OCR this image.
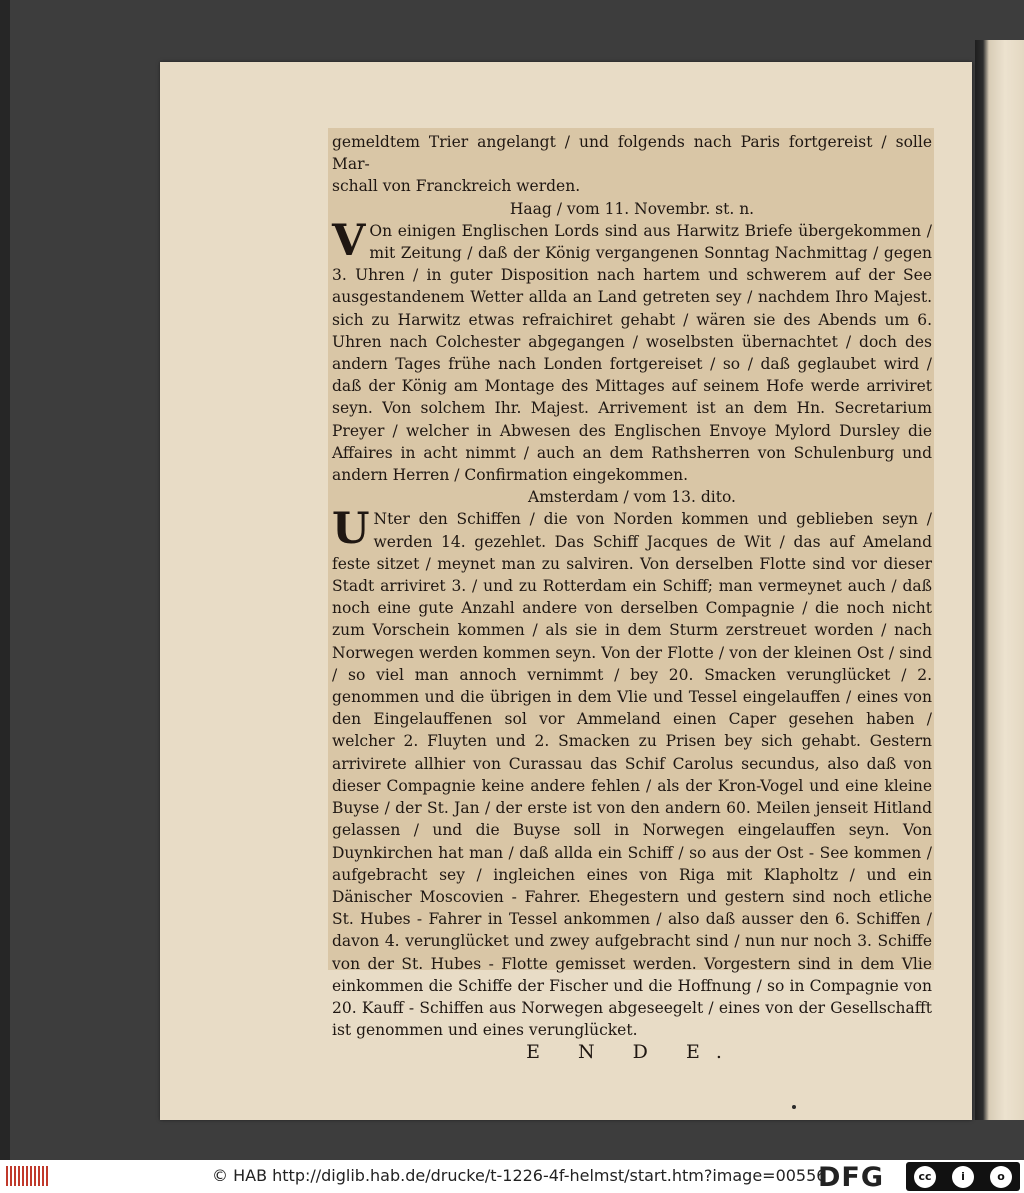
gemeldtem Trier angelangt / und folgends nach Paris fortgereist / solle Mar-

schall von Franckreich werden.

Haag / vom 11. Novembr. st. n.

V On einigen Englischen Lords sind aus Harwitz Briefe übergekommen / mit Zeitung / daß der König vergangenen Sonntag Nachmittag / gegen 3. Uhren / in guter Disposition nach hartem und schwerem auf der See ausgestandenem Wetter allda an Land getreten sey / nachdem Ihro Majest. sich zu Harwitz etwas refraichiret gehabt / wären sie des Abends um 6. Uhren nach Colchester abgegangen / woselbsten übernachtet / doch des andern Tages frühe nach Londen fortgereiset / so / daß geglaubet wird / daß der König am Montage des Mittages auf seinem Hofe werde arriviret seyn. Von solchem Ihr. Majest. Arrivement ist an dem Hn. Secretarium Preyer / welcher in Abwesen des Englischen Envoye Mylord Dursley die Affaires in acht nimmt / auch an dem Rathsherren von Schulenburg und andern Herren / Confirmation eingekommen.

Amsterdam / vom 13. dito.

U Nter den Schiffen / die von Norden kommen und geblieben seyn / werden 14. gezehlet. Das Schiff Jacques de Wit / das auf Ameland feste sitzet / meynet man zu salviren. Von derselben Flotte sind vor dieser Stadt arriviret 3. / und zu Rotterdam ein Schiff; man vermeynet auch / daß noch eine gute Anzahl andere von derselben Compagnie / die noch nicht zum Vorschein kommen / als sie in dem Sturm zerstreuet worden / nach Norwegen werden kommen seyn. Von der Flotte / von der kleinen Ost / sind / so viel man annoch vernimmt / bey 20. Smacken verunglücket / 2. genommen und die übrigen in dem Vlie und Tessel eingelauffen / eines von den Eingelauffenen sol vor Ammeland einen Caper gesehen haben / welcher 2. Fluyten und 2. Smacken zu Prisen bey sich gehabt. Gestern arrivirete allhier von Curassau das Schif Carolus secundus, also daß von dieser Compagnie keine andere fehlen / als der Kron-Vogel und eine kleine Buyse / der St. Jan / der erste ist von den andern 60. Meilen jenseit Hitland gelassen / und die Buyse soll in Norwegen eingelauffen seyn. Von Duynkirchen hat man / daß allda ein Schiff / so aus der Ost - See kommen / aufgebracht sey / ingleichen eines von Riga mit Klapholtz / und ein Dänischer Moscovien - Fahrer. Ehegestern und gestern sind noch etliche St. Hubes - Fahrer in Tessel ankommen / also daß ausser den 6. Schiffen / davon 4. verunglücket und zwey aufgebracht sind / nun nur noch 3. Schiffe von der St. Hubes - Flotte gemisset werden. Vorgestern sind in dem Vlie einkommen die Schiffe der Fischer und die Hoffnung / so in Compagnie von 20. Kauff - Schiffen aus Norwegen abgeseegelt / eines von der Gesellschafft ist genommen und eines verunglücket.

E N D E.

© HAB http://diglib.hab.de/drucke/t-1226-4f-helmst/start.htm?image=00556
DFG	cc	i	o
